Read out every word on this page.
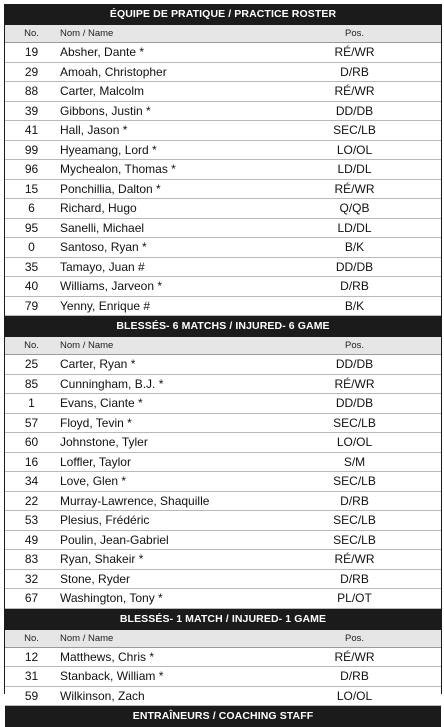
ÉQUIPE DE PRATIQUE / PRACTICE ROSTER
No.	Nom / Name	Pos.
19	Absher, Dante *	RÉ/WR
29	Amoah, Christopher	D/RB
88	Carter, Malcolm	RÉ/WR
39	Gibbons, Justin *	DD/DB
41	Hall, Jason *	SEC/LB
99	Hyeamang, Lord *	LO/OL
96	Mychealon, Thomas *	LD/DL
15	Ponchillia, Dalton *	RÉ/WR
6	Richard, Hugo	Q/QB
95	Sanelli, Michael	LD/DL
0	Santoso, Ryan *	B/K
35	Tamayo, Juan #	DD/DB
40	Williams, Jarveon *	D/RB
79	Yenny, Enrique #	B/K
BLESSÉS- 6 MATCHS / INJURED- 6 GAME
No.	Nom / Name	Pos.
25	Carter, Ryan *	DD/DB
85	Cunningham, B.J. *	RÉ/WR
1	Evans, Ciante *	DD/DB
57	Floyd, Tevin *	SEC/LB
60	Johnstone, Tyler	LO/OL
16	Loffler, Taylor	S/M
34	Love, Glen *	SEC/LB
22	Murray-Lawrence, Shaquille	D/RB
53	Plesius, Frédéric	SEC/LB
49	Poulin, Jean-Gabriel	SEC/LB
83	Ryan, Shakeir *	RÉ/WR
32	Stone, Ryder	D/RB
67	Washington, Tony *	PL/OT
BLESSÉS- 1 MATCH / INJURED- 1 GAME
No.	Nom / Name	Pos.
12	Matthews, Chris *	RÉ/WR
31	Stanback, William *	D/RB
59	Wilkinson, Zach	LO/OL
ENTRAÎNEURS / COACHING STAFF
